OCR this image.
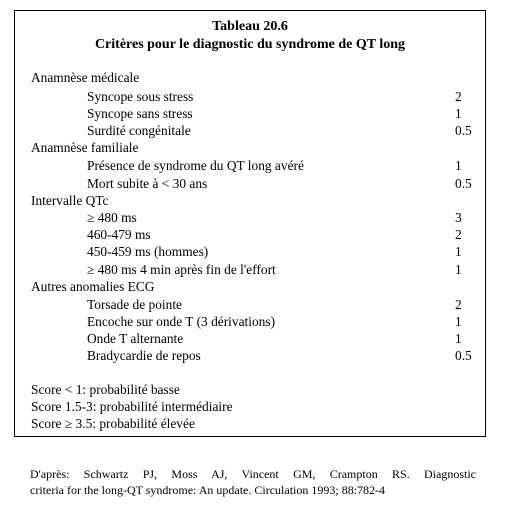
Tableau 20.6
Critères pour le diagnostic du syndrome de QT long
Anamnèse médicale
Syncope sous stress	2
Syncope sans stress	1
Surdité congénitale	0.5
Anamnèse familiale
Présence de syndrome du QT long avéré	1
Mort subite à < 30 ans	0.5
Intervalle QTc
≥ 480 ms	3
460-479 ms	2
450-459 ms (hommes)	1
≥ 480 ms 4 min après fin de l'effort	1
Autres anomalies ECG
Torsade de pointe	2
Encoche sur onde T (3 dérivations)	1
Onde T alternante	1
Bradycardie de repos	0.5
Score < 1: probabilité basse
Score 1.5-3: probabilité intermédiaire
Score ≥ 3.5: probabilité élevée
D'après: Schwartz PJ, Moss AJ, Vincent GM, Crampton RS. Diagnostic
criteria for the long-QT syndrome: An update. Circulation 1993; 88:782-4
